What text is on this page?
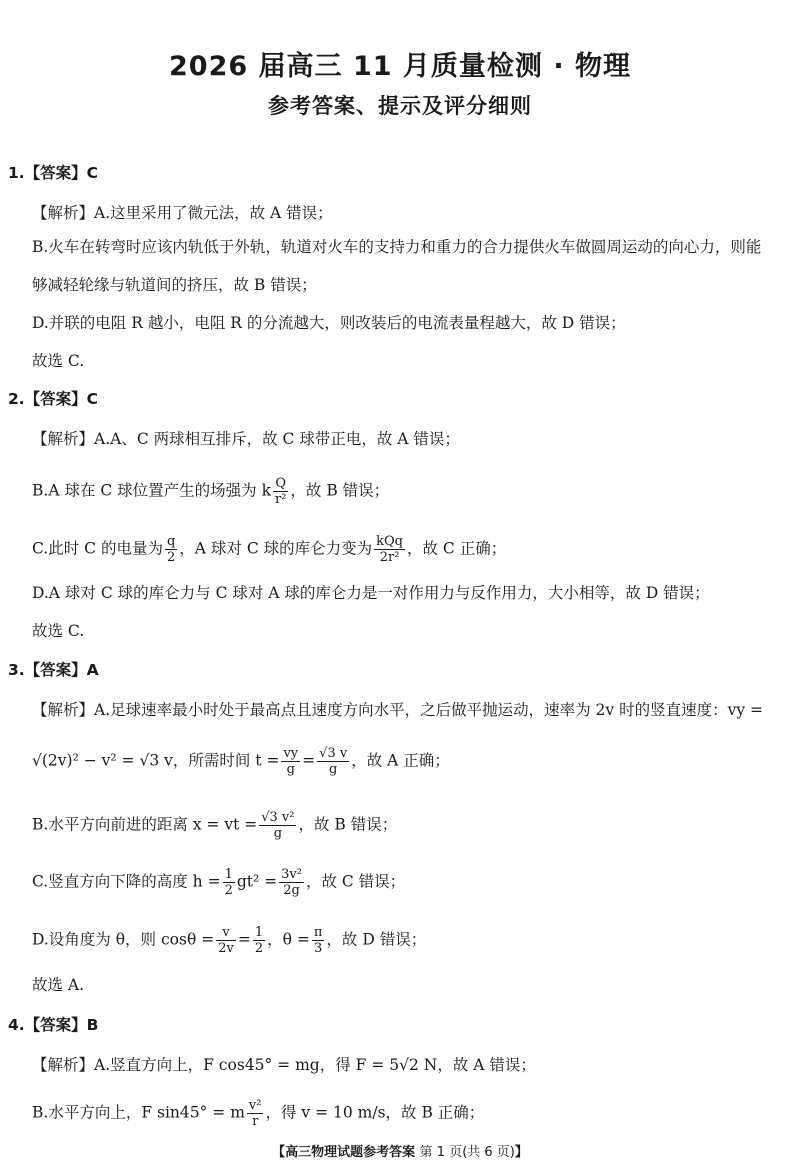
2026 届高三 11 月质量检测 · 物理
参考答案、提示及评分细则
1.【答案】C
【解析】A.这里采用了微元法，故 A 错误；
B.火车在转弯时应该内轨低于外轨，轨道对火车的支持力和重力的合力提供火车做圆周运动的向心力，则能
够减轻轮缘与轨道间的挤压，故 B 错误；
D.并联的电阻 R 越小，电阻 R 的分流越大，则改装后的电流表量程越大，故 D 错误；
故选 C.
2.【答案】C
【解析】A.A、C 两球相互排斥，故 C 球带正电，故 A 错误；
B.A 球在 C 球位置产生的场强为 k $\frac{Q}{\text{r²}}$ ，故 B 错误；
C.此时 C 的电量为 $\frac{q}{2}$ ，A 球对 C 球的库仑力变为 $\frac{\text{kQq}}{\text{2r²}}$ ，故 C 正确；
D.A 球对 C 球的库仑力与 C 球对 A 球的库仑力是一对作用力与反作用力，大小相等，故 D 错误；
故选 C.
3.【答案】A
【解析】A.足球速率最小时处于最高点且速度方向水平，之后做平抛运动，速率为 2v 时的竖直速度：vy =
√(2v)² − v² = √3 v，所需时间 $t = \frac{vy}{g} = \frac{√3 v}{g}$ ，故 A 正确；
B.水平方向前进的距离 x = vt = $\frac{\text{√3 v²}}{g}$ ，故 B 错误；
C.竖直方向下降的高度 $h = \frac{1}{2} gt^2 = \frac{\text{3v²}}{2g}$ ，故 C 错误；
D.设角度为 θ，则 $\cos\theta = \frac{v}{2v} = \frac{1}{2}$ ，$\theta = \frac{\pi}{3}$ ，故 D 错误；
故选 A.
4.【答案】B
【解析】A.竖直方向上，F cos45° = mg，得 F = 5√2 N，故 A 错误；
B.水平方向上，F sin45° = m $\frac{\text{v²}}{r}$ ，得 v = 10 m/s，故 B 正确；
【高三物理试题参考答案 第 1 页(共 6 页)】
